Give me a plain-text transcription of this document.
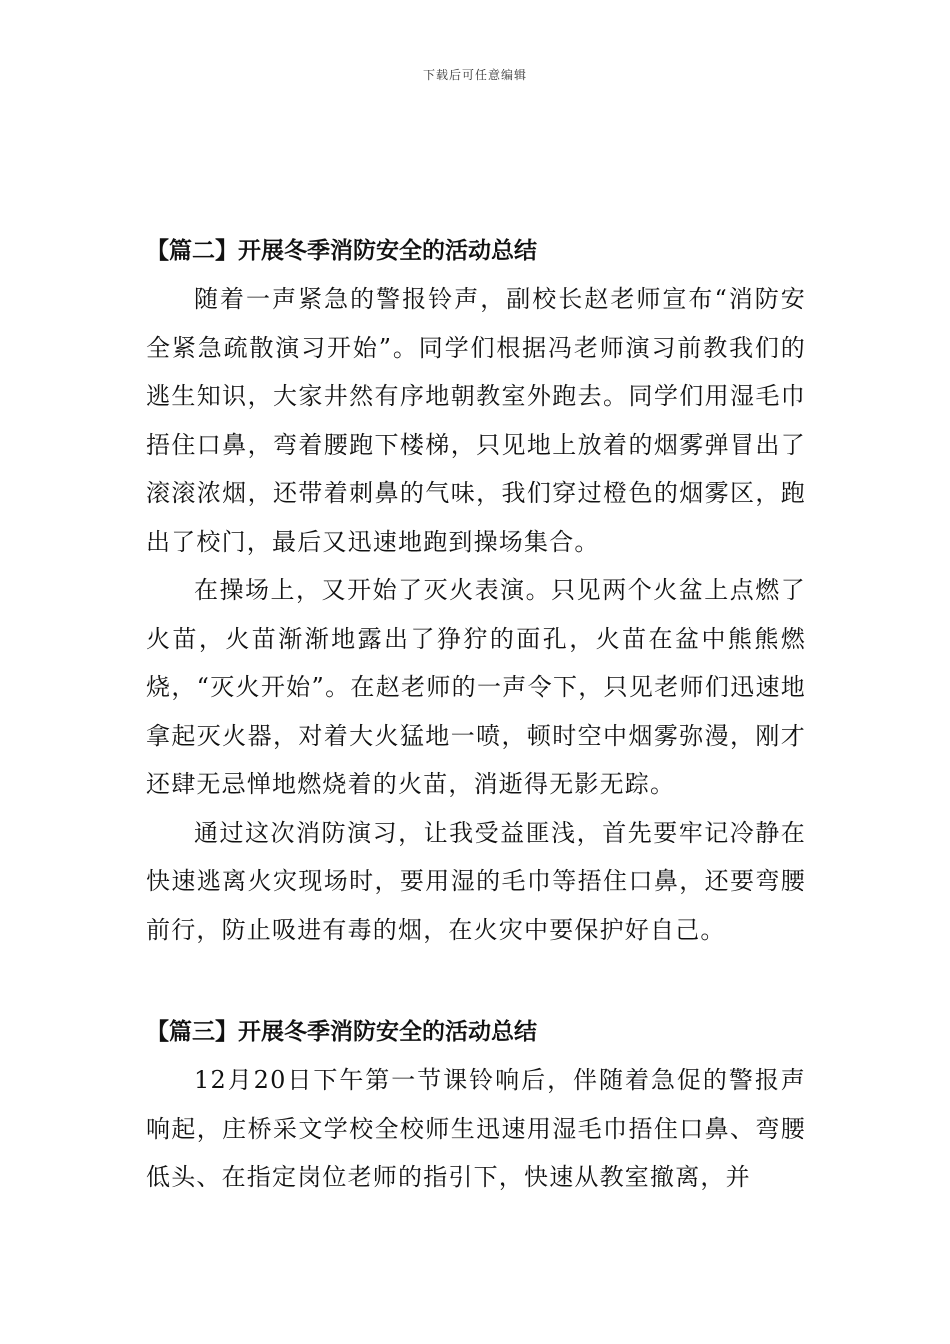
下载后可任意编辑
【篇二】开展冬季消防安全的活动总结

随着一声紧急的警报铃声，副校长赵老师宣布“消防安全紧急疏散演习开始”。同学们根据冯老师演习前教我们的逃生知识，大家井然有序地朝教室外跑去。同学们用湿毛巾捂住口鼻，弯着腰跑下楼梯，只见地上放着的烟雾弹冒出了滚滚浓烟，还带着刺鼻的气味，我们穿过橙色的烟雾区，跑出了校门，最后又迅速地跑到操场集合。

在操场上，又开始了灭火表演。只见两个火盆上点燃了火苗，火苗渐渐地露出了狰狞的面孔，火苗在盆中熊熊燃烧，“灭火开始”。在赵老师的一声令下，只见老师们迅速地拿起灭火器，对着大火猛地一喷，顿时空中烟雾弥漫，刚才还肆无忌惮地燃烧着的火苗，消逝得无影无踪。

通过这次消防演习，让我受益匪浅，首先要牢记冷静在快速逃离火灾现场时，要用湿的毛巾等捂住口鼻，还要弯腰前行，防止吸进有毒的烟，在火灾中要保护好自己。

【篇三】开展冬季消防安全的活动总结

12月20日下午第一节课铃响后，伴随着急促的警报声响起，庄桥采文学校全校师生迅速用湿毛巾捂住口鼻、弯腰低头、在指定岗位老师的指引下，快速从教室撤离，并
